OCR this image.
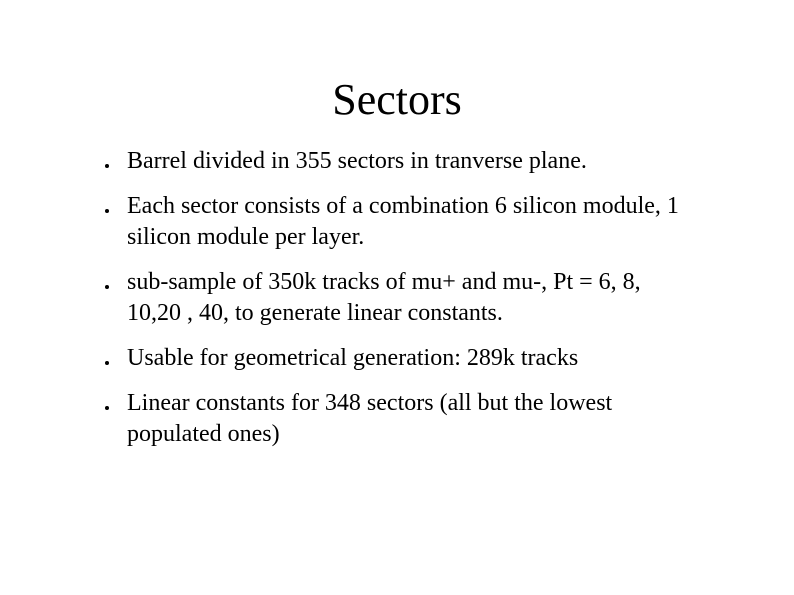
Sectors
Barrel divided in 355 sectors in tranverse plane.
Each sector consists of a combination 6 silicon module, 1 silicon module per layer.
sub-sample of 350k tracks of mu+ and mu-, Pt = 6, 8, 10,20 , 40, to generate linear constants.
Usable for geometrical generation: 289k tracks
Linear constants for 348 sectors (all but the lowest populated ones)
